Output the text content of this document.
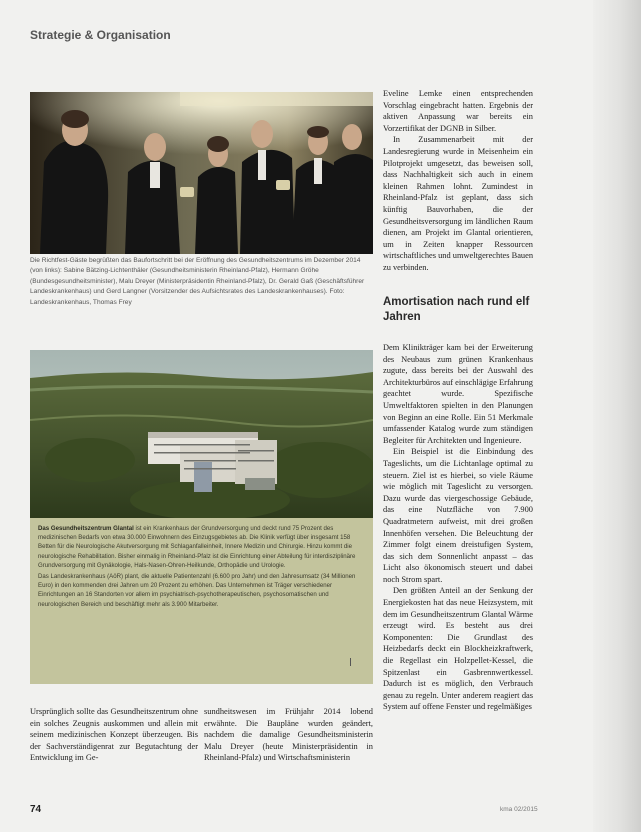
Strategie & Organisation
Die Richtfest-Gäste begrüßten das Baufortschritt bei der Eröffnung des Gesundheitszentrums im Dezember 2014 (von links): Sabine Bätzing-Lichtenthäler (Gesundheitsministerin Rheinland-Pfalz), Hermann Gröhe (Bundesgesundheitsminister), Malu Dreyer (Ministerpräsidentin Rheinland-Pfalz), Dr. Gerald Gaß (Geschäftsführer Landeskrankenhaus) und Gerd Langner (Vorsitzender des Aufsichtsrates des Landeskrankenhauses). Foto: Landeskrankenhaus, Thomas Frey

Das Gesundheitszentrum Glantal ist ein Krankenhaus der Grundversorgung und deckt rund 75 Prozent des medizinischen Bedarfs von etwa 30.000 Einwohnern des Einzugsgebietes ab. Die Klinik verfügt über insgesamt 158 Betten für die Neurologische Akutversorgung mit Schlaganfalleinheit, Innere Medizin und Chirurgie. Hinzu kommt die neurologische Rehabilitation. Bisher einmalig in Rheinland-Pfalz ist die Einrichtung einer Abteilung für interdisziplinäre Grundversorgung mit Gynäkologie, Hals-Nasen-Ohren-Heilkunde, Orthopädie und Urologie.

Das Landeskrankenhaus (AöR) plant, die aktuelle Patientenzahl (6.600 pro Jahr) und den Jahresumsatz (34 Millionen Euro) in den kommenden drei Jahren um 20 Prozent zu erhöhen. Das Unternehmen ist Träger verschiedener Einrichtungen an 16 Standorten vor allem im psychiatrisch-psychotherapeutischen, psychosomatischen und neurologischen Bereich und beschäftigt mehr als 3.900 Mitarbeiter.

Ursprünglich sollte das Gesundheitszentrum ohne ein solches Zeugnis auskommen und allein mit seinem medizinischen Konzept überzeugen. Bis der Sachverständigenrat zur Begutachtung der Entwicklung im Ge-

sundheitswesen im Frühjahr 2014 lobend erwähnte. Die Baupläne wurden geändert, nachdem die damalige Gesundheitsministerin Malu Dreyer (heute Ministerpräsidentin in Rheinland-Pfalz) und Wirtschaftsministerin

Eveline Lemke einen entsprechenden Vorschlag eingebracht hatten. Ergebnis der aktiven Anpassung war bereits ein Vorzertifikat der DGNB in Silber.

In Zusammenarbeit mit der Landesregierung wurde in Meisenheim ein Pilotprojekt umgesetzt, das beweisen soll, dass Nachhaltigkeit sich auch in einem kleinen Rahmen lohnt. Zumindest in Rheinland-Pfalz ist geplant, dass sich künftig Bauvorhaben, die der Gesundheitsversorgung im ländlichen Raum dienen, am Projekt im Glantal orientieren, um in Zeiten knapper Ressourcen wirtschaftliches und umweltgerechtes Bauen zu verbinden.

Amortisation nach rund elf Jahren

Dem Klinikträger kam bei der Erweiterung des Neubaus zum grünen Krankenhaus zugute, dass bereits bei der Auswahl des Architekturbüros auf einschlägige Erfahrung geachtet wurde. Spezifische Umweltfaktoren spielten in den Planungen von Beginn an eine Rolle. Ein 51 Merkmale umfassender Katalog wurde zum ständigen Begleiter für Architekten und Ingenieure.

Ein Beispiel ist die Einbindung des Tageslichts, um die Lichtanlage optimal zu steuern. Ziel ist es hierbei, so viele Räume wie möglich mit Tageslicht zu versorgen. Dazu wurde das viergeschossige Gebäude, das eine Nutzfläche von 7.900 Quadratmetern aufweist, mit drei großen Innenhöfen versehen. Die Beleuchtung der Zimmer folgt einem dreistufigen System, das sich dem Sonnenlicht anpasst – das Licht also ökonomisch steuert und dabei noch Strom spart.

Den größten Anteil an der Senkung der Energiekosten hat das neue Heizsystem, mit dem im Gesundheitszentrum Glantal Wärme erzeugt wird. Es besteht aus drei Komponenten: Die Grundlast des Heizbedarfs deckt ein Blockheizkraftwerk, die Regellast ein Holzpellet-Kessel, die Spitzenlast ein Gasbrennwertkessel. Dadurch ist es möglich, den Verbrauch genau zu regeln. Unter anderem reagiert das System auf offene Fenster und regelmäßiges

74	kma 02/2015
